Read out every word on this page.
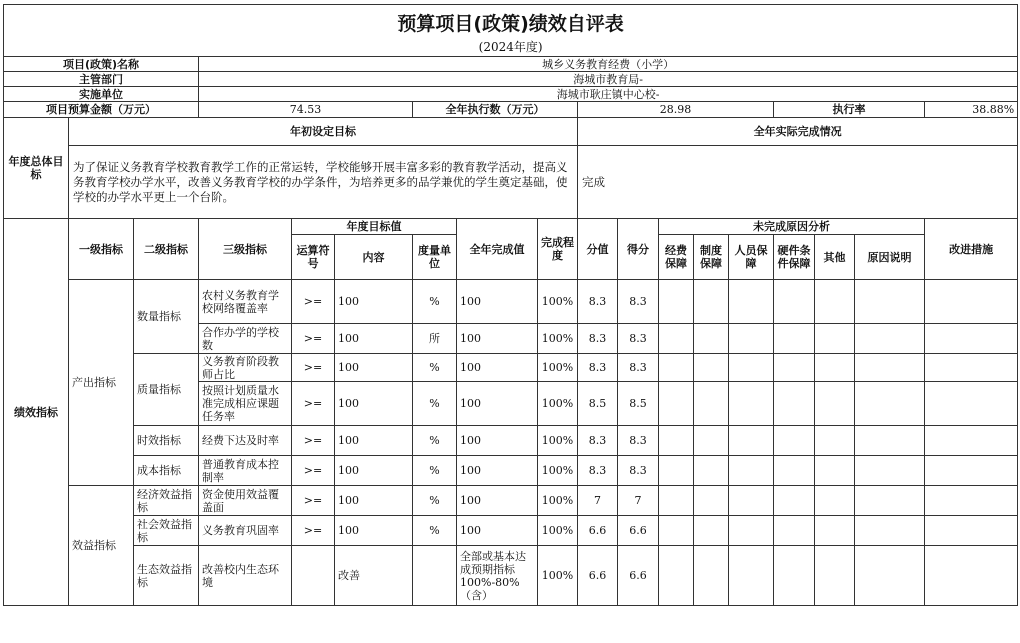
预算项目(政策)绩效自评表																	
(2024年度)																	
项目(政策)名称			城乡义务教育经费（小学）														
主管部门			海城市教育局-														
实施单位			海城市耿庄镇中心校-														
项目预算金额（万元）			74.53			全年执行数（万元）			28.98					执行率			38.88%
年度总体目标	年初设定目标								全年实际完成情况								
	为了保证义务教育学校教育教学工作的正常运转，学校能够开展丰富多彩的教育教学活动，提高义务教育学校办学水平，改善义务教育学校的办学条件，为培养更多的品学兼优的学生奠定基础，使学校的办学水平更上一个台阶。								完成								
绩效指标	一级指标	二级指标	三级指标	年度目标值			全年完成值	完成程度	分值	得分	未完成原因分析						改进措施
				运算符号	内容	度量单位					经费保障	制度保障	人员保障	硬件条件保障	其他	原因说明	
	产出指标	数量指标	农村义务教育学校网络覆盖率	>=	100	%	100	100%	8.3	8.3							
			合作办学的学校数	>=	100	所	100	100%	8.3	8.3							
		质量指标	义务教育阶段教师占比	>=	100	%	100	100%	8.3	8.3							
			按照计划质量水准完成相应课题任务率	>=	100	%	100	100%	8.5	8.5							
		时效指标	经费下达及时率	>=	100	%	100	100%	8.3	8.3							
		成本指标	普通教育成本控制率	>=	100	%	100	100%	8.3	8.3							
	效益指标	经济效益指标	资金使用效益覆盖面	>=	100	%	100	100%	7	7							
		社会效益指标	义务教育巩固率	>=	100	%	100	100%	6.6	6.6							
		生态效益指标	改善校内生态环境		改善		全部或基本达成预期指标100%-80%（含）	100%	6.6	6.6							
